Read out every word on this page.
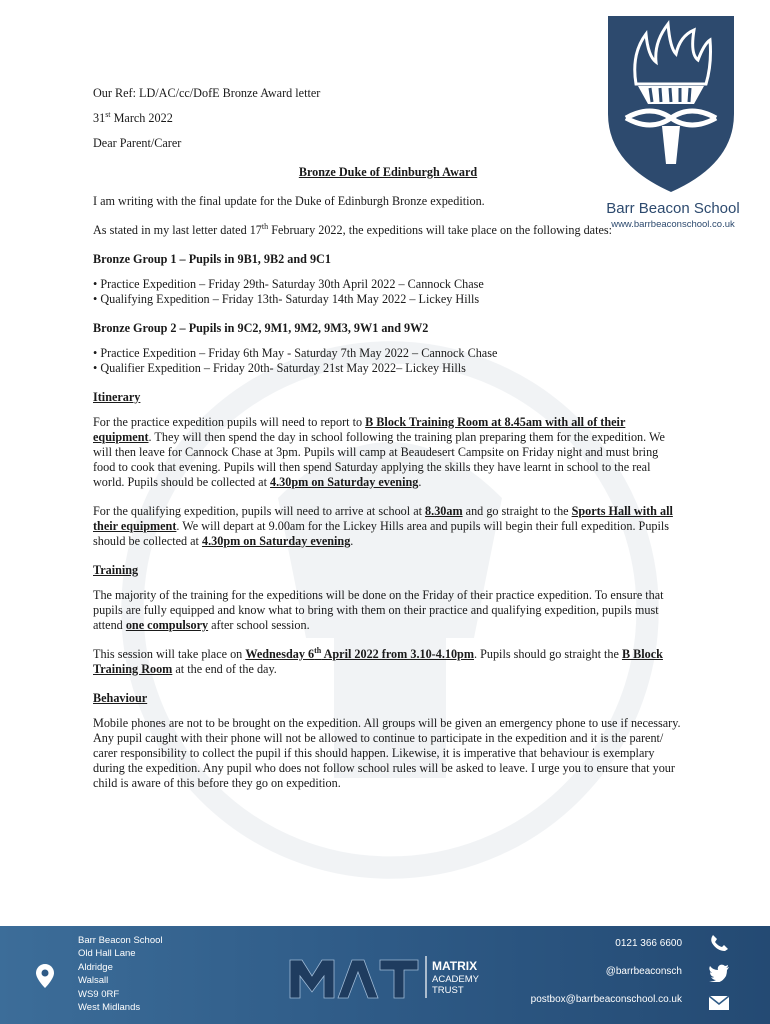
Barr Beacon School
www.barrbeaconschool.co.uk
Our Ref: LD/AC/cc/DofE Bronze Award letter
31st March 2022
Dear Parent/Carer
Bronze Duke of Edinburgh Award
I am writing with the final update for the Duke of Edinburgh Bronze expedition.
As stated in my last letter dated 17th February 2022, the expeditions will take place on the following dates:
Bronze Group 1 – Pupils in 9B1, 9B2 and 9C1
• Practice Expedition – Friday 29th- Saturday 30th April 2022 – Cannock Chase
• Qualifying Expedition – Friday 13th- Saturday 14th May 2022 – Lickey Hills
Bronze Group 2 – Pupils in 9C2, 9M1, 9M2, 9M3, 9W1 and 9W2
• Practice Expedition – Friday 6th May - Saturday 7th May 2022 – Cannock Chase
• Qualifier Expedition – Friday 20th- Saturday 21st May 2022– Lickey Hills
Itinerary
For the practice expedition pupils will need to report to B Block Training Room at 8.45am with all of their equipment. They will then spend the day in school following the training plan preparing them for the expedition. We will then leave for Cannock Chase at 3pm. Pupils will camp at Beaudesert Campsite on Friday night and must bring food to cook that evening. Pupils will then spend Saturday applying the skills they have learnt in school to the real world. Pupils should be collected at 4.30pm on Saturday evening.
For the qualifying expedition, pupils will need to arrive at school at 8.30am and go straight to the Sports Hall with all their equipment. We will depart at 9.00am for the Lickey Hills area and pupils will begin their full expedition. Pupils should be collected at 4.30pm on Saturday evening.
Training
The majority of the training for the expeditions will be done on the Friday of their practice expedition. To ensure that pupils are fully equipped and know what to bring with them on their practice and qualifying expedition, pupils must attend one compulsory after school session.
This session will take place on Wednesday 6th April 2022 from 3.10-4.10pm. Pupils should go straight the B Block Training Room at the end of the day.
Behaviour
Mobile phones are not to be brought on the expedition. All groups will be given an emergency phone to use if necessary. Any pupil caught with their phone will not be allowed to continue to participate in the expedition and it is the parent/ carer responsibility to collect the pupil if this should happen. Likewise, it is imperative that behaviour is exemplary during the expedition. Any pupil who does not follow school rules will be asked to leave. I urge you to ensure that your child is aware of this before they go on expedition.
Barr Beacon School
Old Hall Lane
Aldridge
Walsall
WS9 0RF
West Midlands
MATRIX
ACADEMY
TRUST
0121 366 6600
@barrbeaconsch
postbox@barrbeaconschool.co.uk
